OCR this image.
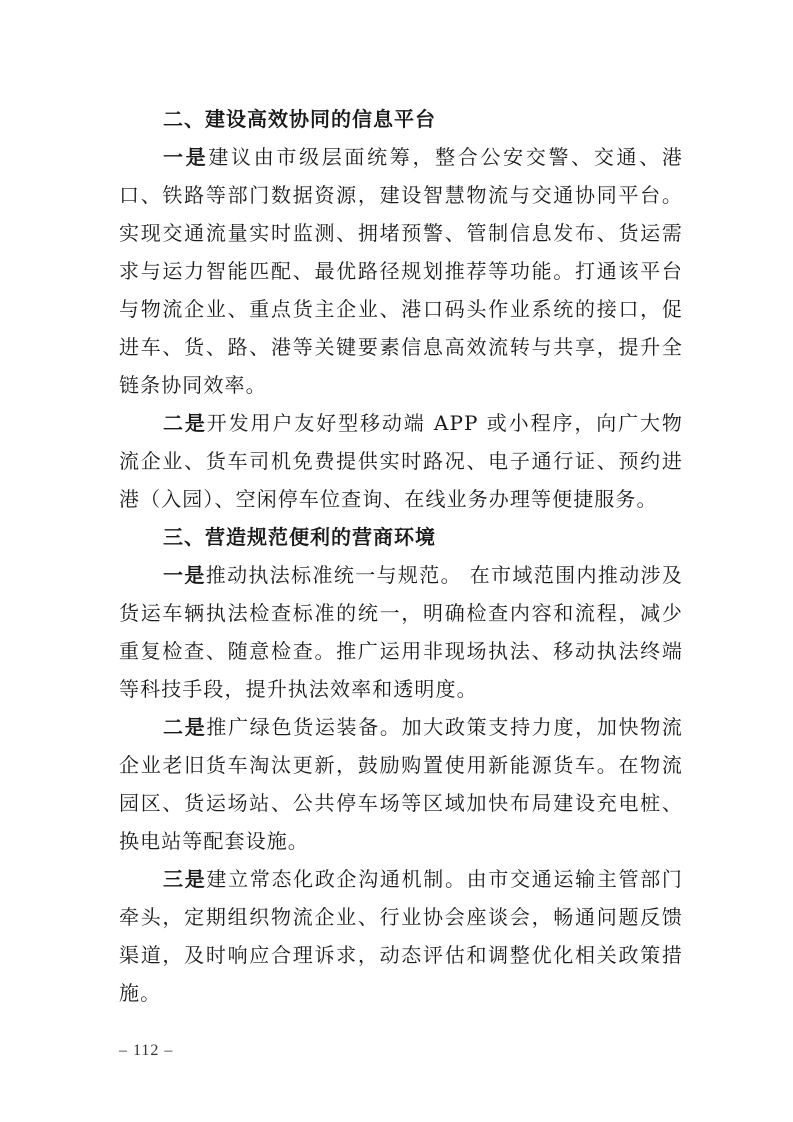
二、建设高效协同的信息平台

一是建议由市级层面统筹，整合公安交警、交通、港口、铁路等部门数据资源，建设智慧物流与交通协同平台。实现交通流量实时监测、拥堵预警、管制信息发布、货运需求与运力智能匹配、最优路径规划推荐等功能。打通该平台与物流企业、重点货主企业、港口码头作业系统的接口，促进车、货、路、港等关键要素信息高效流转与共享，提升全链条协同效率。

二是开发用户友好型移动端 APP 或小程序，向广大物流企业、货车司机免费提供实时路况、电子通行证、预约进港（入园）、空闲停车位查询、在线业务办理等便捷服务。

三、营造规范便利的营商环境

一是推动执法标准统一与规范。 在市域范围内推动涉及货运车辆执法检查标准的统一，明确检查内容和流程，减少重复检查、随意检查。推广运用非现场执法、移动执法终端等科技手段，提升执法效率和透明度。

二是推广绿色货运装备。加大政策支持力度，加快物流企业老旧货车淘汰更新，鼓励购置使用新能源货车。在物流园区、货运场站、公共停车场等区域加快布局建设充电桩、换电站等配套设施。

三是建立常态化政企沟通机制。由市交通运输主管部门牵头，定期组织物流企业、行业协会座谈会，畅通问题反馈渠道，及时响应合理诉求，动态评估和调整优化相关政策措施。

– 112 –
